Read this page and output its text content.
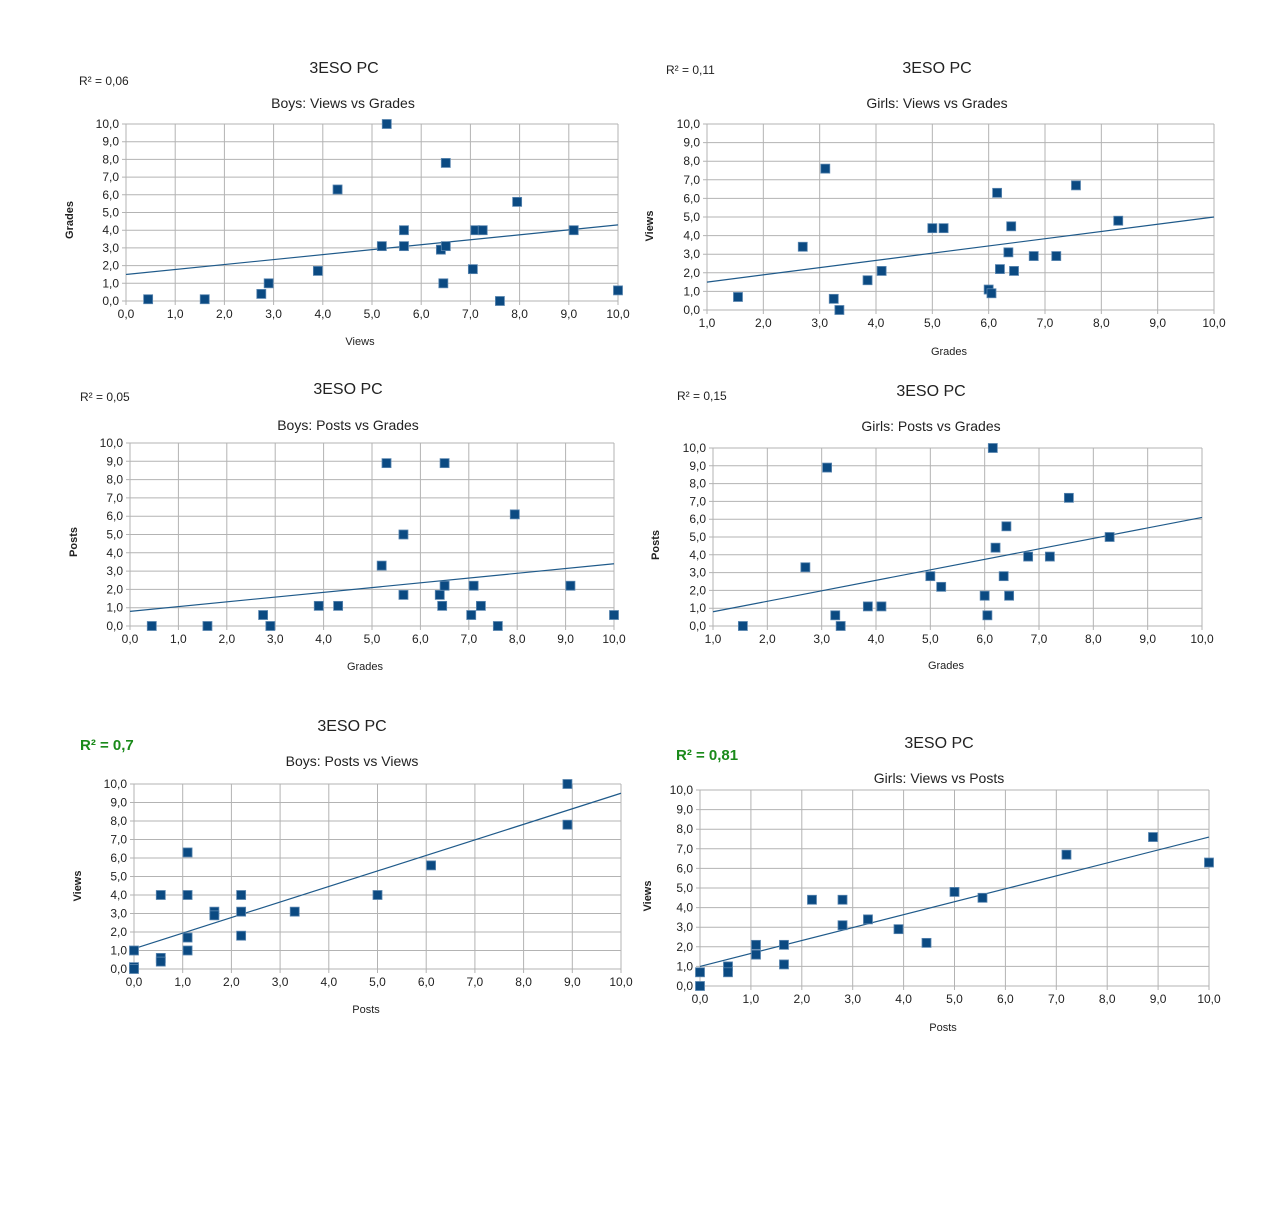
3ESO PC
R² = 0,06
Boys: Views vs Grades
0,0	1,0	2,0	3,0	4,0	5,0	6,0	7,0	8,0	9,0 10,0
0,0
1,0
2,0
3,0
4,0
5,0
6,0
7,0
8,0
9,0
10,0
Grades
Views
R² = 0,11	3ESO PC
Girls: Views vs Grades
1,0	2,0	3,0	4,0	5,0	6,0	7,0	8,0	9,0	10,0
0,0
1,0
2,0
3,0
4,0
5,0
6,0
7,0
8,0
9,0
10,0
Views
Grades
3ESO PC
R² = 0,05
Boys: Posts vs Grades
0,0	1,0	2,0	3,0	4,0	5,0	6,0	7,0	8,0	9,0 10,0
0,0
1,0
2,0
3,0
4,0
5,0
6,0
7,0
8,0
9,0
10,0
Posts
Grades
R² = 0,15	3ESO PC
Girls: Posts vs Grades
1,0	2,0	3,0	4,0	5,0	6,0	7,0	8,0	9,0	10,0
0,0
1,0
2,0
3,0
4,0
5,0
6,0
7,0
8,0
9,0
10,0
Posts
Grades
3ESO PC
R² = 0,7
Boys: Posts vs Views
0,0	1,0	2,0	3,0	4,0	5,0	6,0	7,0	8,0	9,0 10,0
0,0
1,0
2,0
3,0
4,0
5,0
6,0
7,0
8,0
9,0
10,0
Views
Posts
3ESO PC
R² = 0,81
Girls: Views vs Posts
0,0	1,0	2,0	3,0	4,0	5,0	6,0	7,0	8,0	9,0	10,0
0,0
1,0
2,0
3,0
4,0
5,0
6,0
7,0
8,0
9,0
10,0
Views
Posts
